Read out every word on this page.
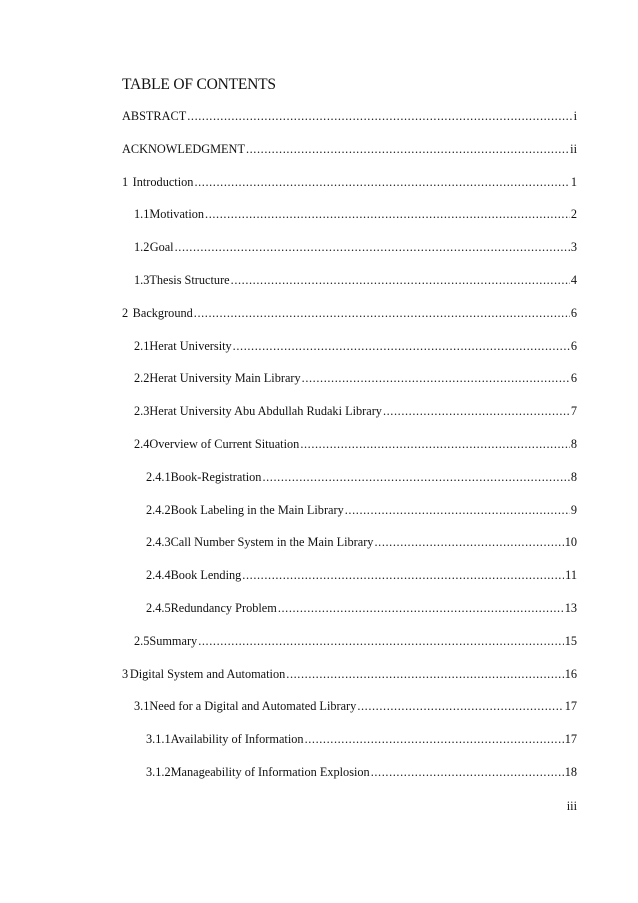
TABLE OF CONTENTS
ABSTRACT .....	i
ACKNOWLEDGMENT .....	ii
1 Introduction .....	1
1.1 Motivation .....	2
1.2 Goal .....	3
1.3 Thesis Structure .....	4
2 Background .....	6
2.1 Herat University .....	6
2.2 Herat University Main Library .....	6
2.3 Herat University Abu Abdullah Rudaki Library .....	7
2.4 Overview of Current Situation .....	8
2.4.1 Book-Registration .....	8
2.4.2 Book Labeling in the Main Library .....	9
2.4.3 Call Number System in the Main Library .....	10
2.4.4 Book Lending .....	11
2.4.5 Redundancy Problem .....	13
2.5 Summary .....	15
3 Digital System and Automation .....	16
3.1 Need for a Digital and Automated Library .....	17
3.1.1 Availability of Information .....	17
3.1.2 Manageability of Information Explosion .....	18
iii
